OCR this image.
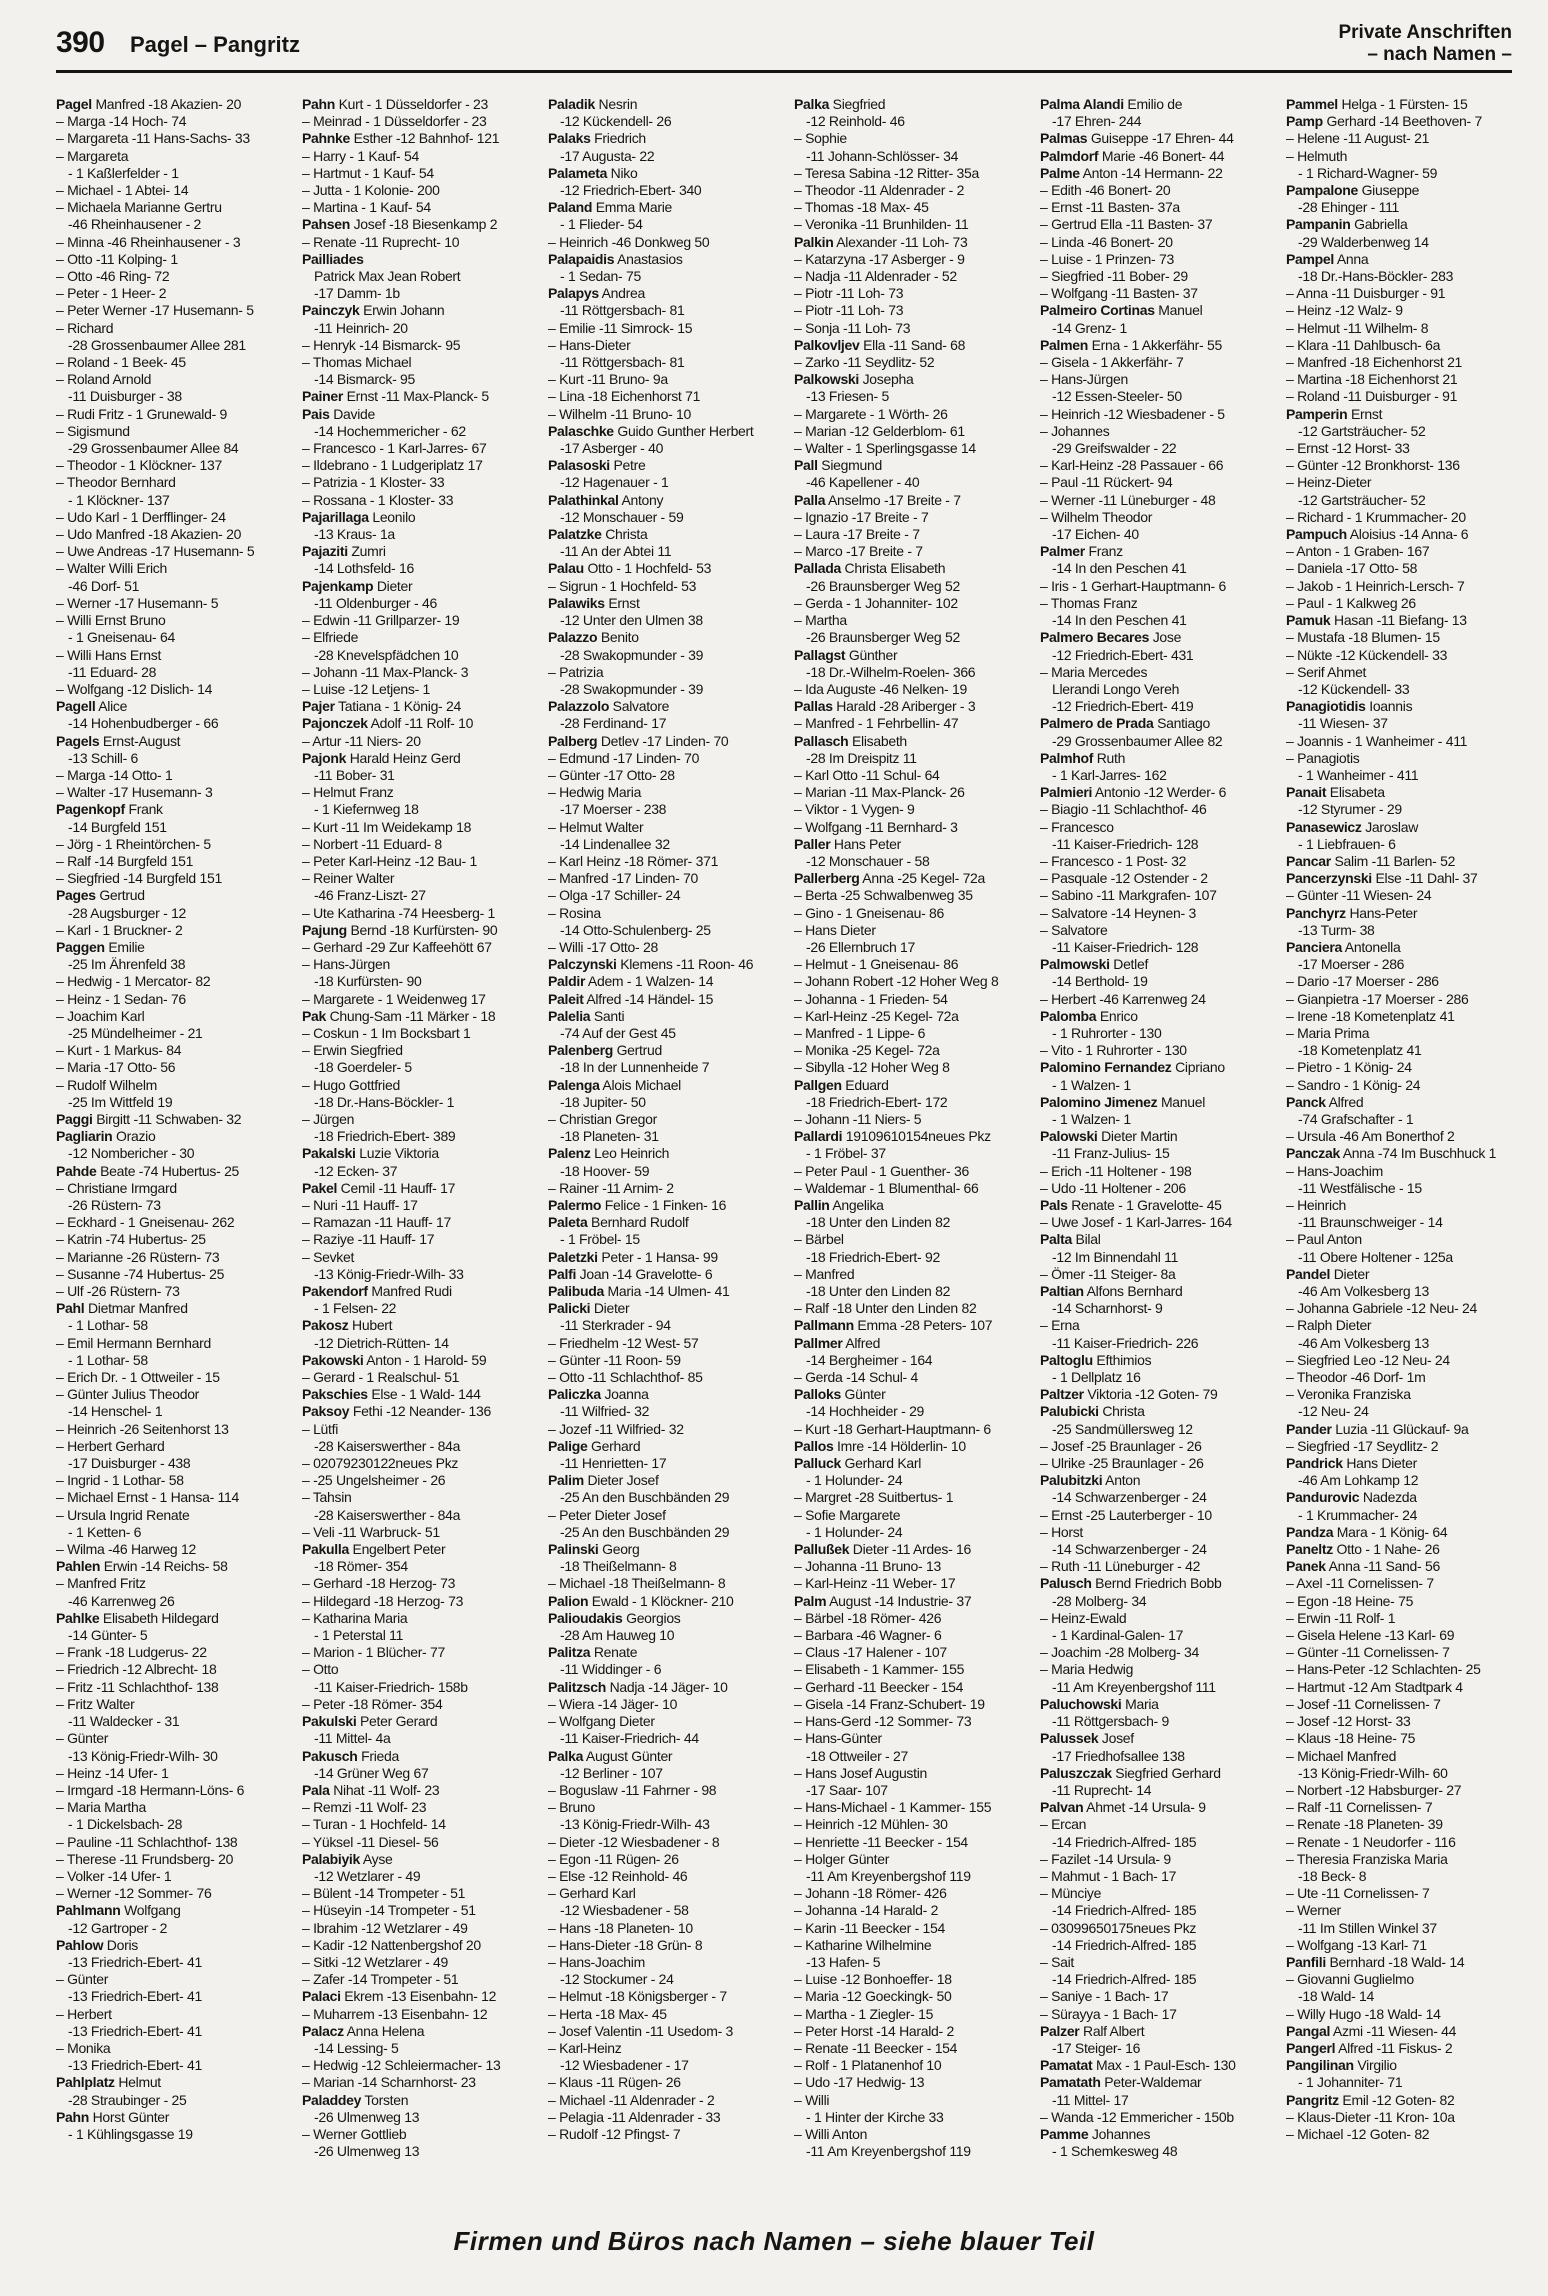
390 Pagel – Pangritz	Private Anschriften
– nach Namen –
Pagel Manfred -18 Akazien- 20
– Marga -14 Hoch- 74
– Margareta -11 Hans-Sachs- 33
– Margareta
- 1 Kaßlerfelder - 1
– Michael - 1 Abtei- 14
– Michaela Marianne Gertru
-46 Rheinhausener - 2
– Minna -46 Rheinhausener - 3
– Otto -11 Kolping- 1
– Otto -46 Ring- 72
– Peter - 1 Heer- 2
– Peter Werner -17 Husemann- 5
– Richard
-28 Grossenbaumer Allee 281
– Roland - 1 Beek- 45
– Roland Arnold
-11 Duisburger - 38
– Rudi Fritz - 1 Grunewald- 9
– Sigismund
-29 Grossenbaumer Allee 84
– Theodor - 1 Klöckner- 137
– Theodor Bernhard
- 1 Klöckner- 137
– Udo Karl - 1 Derfflinger- 24
– Udo Manfred -18 Akazien- 20
– Uwe Andreas -17 Husemann- 5
– Walter Willi Erich
-46 Dorf- 51
– Werner -17 Husemann- 5
– Willi Ernst Bruno
- 1 Gneisenau- 64
– Willi Hans Ernst
-11 Eduard- 28
– Wolfgang -12 Dislich- 14
Pagell Alice
-14 Hohenbudberger - 66
Pagels Ernst-August
-13 Schill- 6
– Marga -14 Otto- 1
– Walter -17 Husemann- 3
Pagenkopf Frank
-14 Burgfeld 151
– Jörg - 1 Rheintörchen- 5
– Ralf -14 Burgfeld 151
– Siegfried -14 Burgfeld 151
Pages Gertrud
-28 Augsburger - 12
– Karl - 1 Bruckner- 2
Paggen Emilie
-25 Im Ährenfeld 38
– Hedwig - 1 Mercator- 82
– Heinz - 1 Sedan- 76
– Joachim Karl
-25 Mündelheimer - 21
– Kurt - 1 Markus- 84
– Maria -17 Otto- 56
– Rudolf Wilhelm
-25 Im Wittfeld 19
Paggi Birgitt -11 Schwaben- 32
Pagliarin Orazio
-12 Nombericher - 30
Pahde Beate -74 Hubertus- 25
– Christiane Irmgard
-26 Rüstern- 73
– Eckhard - 1 Gneisenau- 262
– Katrin -74 Hubertus- 25
– Marianne -26 Rüstern- 73
– Susanne -74 Hubertus- 25
– Ulf -26 Rüstern- 73
Pahl Dietmar Manfred
- 1 Lothar- 58
– Emil Hermann Bernhard
- 1 Lothar- 58
– Erich Dr. - 1 Ottweiler - 15
– Günter Julius Theodor
-14 Henschel- 1
– Heinrich -26 Seitenhorst 13
– Herbert Gerhard
-17 Duisburger - 438
– Ingrid - 1 Lothar- 58
– Michael Ernst - 1 Hansa- 114
– Ursula Ingrid Renate
- 1 Ketten- 6
– Wilma -46 Harweg 12
Pahlen Erwin -14 Reichs- 58
– Manfred Fritz
-46 Karrenweg 26
Pahlke Elisabeth Hildegard
-14 Günter- 5
– Frank -18 Ludgerus- 22
– Friedrich -12 Albrecht- 18
– Fritz -11 Schlachthof- 138
– Fritz Walter
-11 Waldecker - 31
– Günter
-13 König-Friedr-Wilh- 30
– Heinz -14 Ufer- 1
– Irmgard -18 Hermann-Löns- 6
– Maria Martha
- 1 Dickelsbach- 28
– Pauline -11 Schlachthof- 138
– Therese -11 Frundsberg- 20
– Volker -14 Ufer- 1
– Werner -12 Sommer- 76
Pahlmann Wolfgang
-12 Gartroper - 2
Pahlow Doris
-13 Friedrich-Ebert- 41
– Günter
-13 Friedrich-Ebert- 41
– Herbert
-13 Friedrich-Ebert- 41
– Monika
-13 Friedrich-Ebert- 41
Pahlplatz Helmut
-28 Straubinger - 25
Pahn Horst Günter
- 1 Kühlingsgasse 19
Pahn Kurt - 1 Düsseldorfer - 23
– Meinrad - 1 Düsseldorfer - 23
Pahnke Esther -12 Bahnhof- 121
– Harry - 1 Kauf- 54
– Hartmut - 1 Kauf- 54
– Jutta - 1 Kolonie- 200
– Martina - 1 Kauf- 54
Pahsen Josef -18 Biesenkamp 2
– Renate -11 Ruprecht- 10
Pailliades
Patrick Max Jean Robert
-17 Damm- 1b
Painczyk Erwin Johann
-11 Heinrich- 20
– Henryk -14 Bismarck- 95
– Thomas Michael
-14 Bismarck- 95
Painer Ernst -11 Max-Planck- 5
Pais Davide
-14 Hochemmericher - 62
– Francesco - 1 Karl-Jarres- 67
– Ildebrano - 1 Ludgeriplatz 17
– Patrizia - 1 Kloster- 33
– Rossana - 1 Kloster- 33
Pajarillaga Leonilo
-13 Kraus- 1a
Pajaziti Zumri
-14 Lothsfeld- 16
Pajenkamp Dieter
-11 Oldenburger - 46
– Edwin -11 Grillparzer- 19
– Elfriede
-28 Knevelspfädchen 10
– Johann -11 Max-Planck- 3
– Luise -12 Letjens- 1
Pajer Tatiana - 1 König- 24
Pajonczek Adolf -11 Rolf- 10
– Artur -11 Niers- 20
Pajonk Harald Heinz Gerd
-11 Bober- 31
– Helmut Franz
- 1 Kiefernweg 18
– Kurt -11 Im Weidekamp 18
– Norbert -11 Eduard- 8
– Peter Karl-Heinz -12 Bau- 1
– Reiner Walter
-46 Franz-Liszt- 27
– Ute Katharina -74 Heesberg- 1
Pajung Bernd -18 Kurfürsten- 90
– Gerhard -29 Zur Kaffeehött 67
– Hans-Jürgen
-18 Kurfürsten- 90
– Margarete - 1 Weidenweg 17
Pak Chung-Sam -11 Märker - 18
– Coskun - 1 Im Bocksbart 1
– Erwin Siegfried
-18 Goerdeler- 5
– Hugo Gottfried
-18 Dr.-Hans-Böckler- 1
– Jürgen
-18 Friedrich-Ebert- 389
Pakalski Luzie Viktoria
-12 Ecken- 37
Pakel Cemil -11 Hauff- 17
– Nuri -11 Hauff- 17
– Ramazan -11 Hauff- 17
– Raziye -11 Hauff- 17
– Sevket
-13 König-Friedr-Wilh- 33
Pakendorf Manfred Rudi
- 1 Felsen- 22
Pakosz Hubert
-12 Dietrich-Rütten- 14
Pakowski Anton - 1 Harold- 59
– Gerard - 1 Realschul- 51
Pakschies Else - 1 Wald- 144
Paksoy Fethi -12 Neander- 136
– Lütfi
-28 Kaiserswerther - 84a
– 02079230122neues Pkz
– -25 Ungelsheimer - 26
– Tahsin
-28 Kaiserswerther - 84a
– Veli -11 Warbruck- 51
Pakulla Engelbert Peter
-18 Römer- 354
– Gerhard -18 Herzog- 73
– Hildegard -18 Herzog- 73
– Katharina Maria
- 1 Peterstal 11
– Marion - 1 Blücher- 77
– Otto
-11 Kaiser-Friedrich- 158b
– Peter -18 Römer- 354
Pakulski Peter Gerard
-11 Mittel- 4a
Pakusch Frieda
-14 Grüner Weg 67
Pala Nihat -11 Wolf- 23
– Remzi -11 Wolf- 23
– Turan - 1 Hochfeld- 14
– Yüksel -11 Diesel- 56
Palabiyik Ayse
-12 Wetzlarer - 49
– Bülent -14 Trompeter - 51
– Hüseyin -14 Trompeter - 51
– Ibrahim -12 Wetzlarer - 49
– Kadir -12 Nattenbergshof 20
– Sitki -12 Wetzlarer - 49
– Zafer -14 Trompeter - 51
Palaci Ekrem -13 Eisenbahn- 12
– Muharrem -13 Eisenbahn- 12
Palacz Anna Helena
-14 Lessing- 5
– Hedwig -12 Schleiermacher- 13
– Marian -14 Scharnhorst- 23
Paladdey Torsten
-26 Ulmenweg 13
– Werner Gottlieb
-26 Ulmenweg 13
Paladik Nesrin
-12 Kückendell- 26
Palaks Friedrich
-17 Augusta- 22
Palameta Niko
-12 Friedrich-Ebert- 340
Paland Emma Marie
- 1 Flieder- 54
– Heinrich -46 Donkweg 50
Palapaidis Anastasios
- 1 Sedan- 75
Palapys Andrea
-11 Röttgersbach- 81
– Emilie -11 Simrock- 15
– Hans-Dieter
-11 Röttgersbach- 81
– Kurt -11 Bruno- 9a
– Lina -18 Eichenhorst 71
– Wilhelm -11 Bruno- 10
Palaschke Guido Gunther Herbert
-17 Asberger - 40
Palasoski Petre
-12 Hagenauer - 1
Palathinkal Antony
-12 Monschauer - 59
Palatzke Christa
-11 An der Abtei 11
Palau Otto - 1 Hochfeld- 53
– Sigrun - 1 Hochfeld- 53
Palawiks Ernst
-12 Unter den Ulmen 38
Palazzo Benito
-28 Swakopmunder - 39
– Patrizia
-28 Swakopmunder - 39
Palazzolo Salvatore
-28 Ferdinand- 17
Palberg Detlev -17 Linden- 70
– Edmund -17 Linden- 70
– Günter -17 Otto- 28
– Hedwig Maria
-17 Moerser - 238
– Helmut Walter
-14 Lindenallee 32
– Karl Heinz -18 Römer- 371
– Manfred -17 Linden- 70
– Olga -17 Schiller- 24
– Rosina
-14 Otto-Schulenberg- 25
– Willi -17 Otto- 28
Palczynski Klemens -11 Roon- 46
Paldir Adem - 1 Walzen- 14
Paleit Alfred -14 Händel- 15
Palelia Santi
-74 Auf der Gest 45
Palenberg Gertrud
-18 In der Lunnenheide 7
Palenga Alois Michael
-18 Jupiter- 50
– Christian Gregor
-18 Planeten- 31
Palenz Leo Heinrich
-18 Hoover- 59
– Rainer -11 Arnim- 2
Palermo Felice - 1 Finken- 16
Paleta Bernhard Rudolf
- 1 Fröbel- 15
Paletzki Peter - 1 Hansa- 99
Palfi Joan -14 Gravelotte- 6
Palibuda Maria -14 Ulmen- 41
Palicki Dieter
-11 Sterkrader - 94
– Friedhelm -12 West- 57
– Günter -11 Roon- 59
– Otto -11 Schlachthof- 85
Paliczka Joanna
-11 Wilfried- 32
– Jozef -11 Wilfried- 32
Palige Gerhard
-11 Henrietten- 17
Palim Dieter Josef
-25 An den Buschbänden 29
– Peter Dieter Josef
-25 An den Buschbänden 29
Palinski Georg
-18 Theißelmann- 8
– Michael -18 Theißelmann- 8
Palion Ewald - 1 Klöckner- 210
Palioudakis Georgios
-28 Am Hauweg 10
Palitza Renate
-11 Widdinger - 6
Palitzsch Nadja -14 Jäger- 10
– Wiera -14 Jäger- 10
– Wolfgang Dieter
-11 Kaiser-Friedrich- 44
Palka August Günter
-12 Berliner - 107
– Boguslaw -11 Fahrner - 98
– Bruno
-13 König-Friedr-Wilh- 43
– Dieter -12 Wiesbadener - 8
– Egon -11 Rügen- 26
– Else -12 Reinhold- 46
– Gerhard Karl
-12 Wiesbadener - 58
– Hans -18 Planeten- 10
– Hans-Dieter -18 Grün- 8
– Hans-Joachim
-12 Stockumer - 24
– Helmut -18 Königsberger - 7
– Herta -18 Max- 45
– Josef Valentin -11 Usedom- 3
– Karl-Heinz
-12 Wiesbadener - 17
– Klaus -11 Rügen- 26
– Michael -11 Aldenrader - 2
– Pelagia -11 Aldenrader - 33
– Rudolf -12 Pfingst- 7
Palka Siegfried
-12 Reinhold- 46
– Sophie
-11 Johann-Schlösser- 34
– Teresa Sabina -12 Ritter- 35a
– Theodor -11 Aldenrader - 2
– Thomas -18 Max- 45
– Veronika -11 Brunhilden- 11
Palkin Alexander -11 Loh- 73
– Katarzyna -17 Asberger - 9
– Nadja -11 Aldenrader - 52
– Piotr -11 Loh- 73
– Piotr -11 Loh- 73
– Sonja -11 Loh- 73
Palkovljev Ella -11 Sand- 68
– Zarko -11 Seydlitz- 52
Palkowski Josepha
-13 Friesen- 5
– Margarete - 1 Wörth- 26
– Marian -12 Gelderblom- 61
– Walter - 1 Sperlingsgasse 14
Pall Siegmund
-46 Kapellener - 40
Palla Anselmo -17 Breite - 7
– Ignazio -17 Breite - 7
– Laura -17 Breite - 7
– Marco -17 Breite - 7
Pallada Christa Elisabeth
-26 Braunsberger Weg 52
– Gerda - 1 Johanniter- 102
– Martha
-26 Braunsberger Weg 52
Pallagst Günther
-18 Dr.-Wilhelm-Roelen- 366
– Ida Auguste -46 Nelken- 19
Pallas Harald -28 Ariberger - 3
– Manfred - 1 Fehrbellin- 47
Pallasch Elisabeth
-28 Im Dreispitz 11
– Karl Otto -11 Schul- 64
– Marian -11 Max-Planck- 26
– Viktor - 1 Vygen- 9
– Wolfgang -11 Bernhard- 3
Paller Hans Peter
-12 Monschauer - 58
Pallerberg Anna -25 Kegel- 72a
– Berta -25 Schwalbenweg 35
– Gino - 1 Gneisenau- 86
– Hans Dieter
-26 Ellernbruch 17
– Helmut - 1 Gneisenau- 86
– Johann Robert -12 Hoher Weg 8
– Johanna - 1 Frieden- 54
– Karl-Heinz -25 Kegel- 72a
– Manfred - 1 Lippe- 6
– Monika -25 Kegel- 72a
– Sibylla -12 Hoher Weg 8
Pallgen Eduard
-18 Friedrich-Ebert- 172
– Johann -11 Niers- 5
Pallardi 19109610154neues Pkz
- 1 Fröbel- 37
– Peter Paul - 1 Guenther- 36
– Waldemar - 1 Blumenthal- 66
Pallin Angelika
-18 Unter den Linden 82
– Bärbel
-18 Friedrich-Ebert- 92
– Manfred
-18 Unter den Linden 82
– Ralf -18 Unter den Linden 82
Pallmann Emma -28 Peters- 107
Pallmer Alfred
-14 Bergheimer - 164
– Gerda -14 Schul- 4
Palloks Günter
-14 Hochheider - 29
– Kurt -18 Gerhart-Hauptmann- 6
Pallos Imre -14 Hölderlin- 10
Palluck Gerhard Karl
- 1 Holunder- 24
– Margret -28 Suitbertus- 1
– Sofie Margarete
- 1 Holunder- 24
Pallußek Dieter -11 Ardes- 16
– Johanna -11 Bruno- 13
– Karl-Heinz -11 Weber- 17
Palm August -14 Industrie- 37
– Bärbel -18 Römer- 426
– Barbara -46 Wagner- 6
– Claus -17 Halener - 107
– Elisabeth - 1 Kammer- 155
– Gerhard -11 Beecker - 154
– Gisela -14 Franz-Schubert- 19
– Hans-Gerd -12 Sommer- 73
– Hans-Günter
-18 Ottweiler - 27
– Hans Josef Augustin
-17 Saar- 107
– Hans-Michael - 1 Kammer- 155
– Heinrich -12 Mühlen- 30
– Henriette -11 Beecker - 154
– Holger Günter
-11 Am Kreyenbergshof 119
– Johann -18 Römer- 426
– Johanna -14 Harald- 2
– Karin -11 Beecker - 154
– Katharine Wilhelmine
-13 Hafen- 5
– Luise -12 Bonhoeffer- 18
– Maria -12 Goeckingk- 50
– Martha - 1 Ziegler- 15
– Peter Horst -14 Harald- 2
– Renate -11 Beecker - 154
– Rolf - 1 Platanenhof 10
– Udo -17 Hedwig- 13
– Willi
- 1 Hinter der Kirche 33
– Willi Anton
-11 Am Kreyenbergshof 119
Palma Alandi Emilio de
-17 Ehren- 244
Palmas Guiseppe -17 Ehren- 44
Palmdorf Marie -46 Bonert- 44
Palme Anton -14 Hermann- 22
– Edith -46 Bonert- 20
– Ernst -11 Basten- 37a
– Gertrud Ella -11 Basten- 37
– Linda -46 Bonert- 20
– Luise - 1 Prinzen- 73
– Siegfried -11 Bober- 29
– Wolfgang -11 Basten- 37
Palmeiro Cortinas Manuel
-14 Grenz- 1
Palmen Erna - 1 Akkerfähr- 55
– Gisela - 1 Akkerfähr- 7
– Hans-Jürgen
-12 Essen-Steeler- 50
– Heinrich -12 Wiesbadener - 5
– Johannes
-29 Greifswalder - 22
– Karl-Heinz -28 Passauer - 66
– Paul -11 Rückert- 94
– Werner -11 Lüneburger - 48
– Wilhelm Theodor
-17 Eichen- 40
Palmer Franz
-14 In den Peschen 41
– Iris - 1 Gerhart-Hauptmann- 6
– Thomas Franz
-14 In den Peschen 41
Palmero Becares Jose
-12 Friedrich-Ebert- 431
– Maria Mercedes
Llerandi Longo Vereh
-12 Friedrich-Ebert- 419
Palmero de Prada Santiago
-29 Grossenbaumer Allee 82
Palmhof Ruth
- 1 Karl-Jarres- 162
Palmieri Antonio -12 Werder- 6
– Biagio -11 Schlachthof- 46
– Francesco
-11 Kaiser-Friedrich- 128
– Francesco - 1 Post- 32
– Pasquale -12 Ostender - 2
– Sabino -11 Markgrafen- 107
– Salvatore -14 Heynen- 3
– Salvatore
-11 Kaiser-Friedrich- 128
Palmowski Detlef
-14 Berthold- 19
– Herbert -46 Karrenweg 24
Palomba Enrico
- 1 Ruhrorter - 130
– Vito - 1 Ruhrorter - 130
Palomino Fernandez Cipriano
- 1 Walzen- 1
Palomino Jimenez Manuel
- 1 Walzen- 1
Palowski Dieter Martin
-11 Franz-Julius- 15
– Erich -11 Holtener - 198
– Udo -11 Holtener - 206
Pals Renate - 1 Gravelotte- 45
– Uwe Josef - 1 Karl-Jarres- 164
Palta Bilal
-12 Im Binnendahl 11
– Ömer -11 Steiger- 8a
Paltian Alfons Bernhard
-14 Scharnhorst- 9
– Erna
-11 Kaiser-Friedrich- 226
Paltoglu Efthimios
- 1 Dellplatz 16
Paltzer Viktoria -12 Goten- 79
Palubicki Christa
-25 Sandmüllersweg 12
– Josef -25 Braunlager - 26
– Ulrike -25 Braunlager - 26
Palubitzki Anton
-14 Schwarzenberger - 24
– Ernst -25 Lauterberger - 10
– Horst
-14 Schwarzenberger - 24
– Ruth -11 Lüneburger - 42
Palusch Bernd Friedrich Bobb
-28 Molberg- 34
– Heinz-Ewald
- 1 Kardinal-Galen- 17
– Joachim -28 Molberg- 34
– Maria Hedwig
-11 Am Kreyenbergshof 111
Paluchowski Maria
-11 Röttgersbach- 9
Palussek Josef
-17 Friedhofsallee 138
Paluszczak Siegfried Gerhard
-11 Ruprecht- 14
Palvan Ahmet -14 Ursula- 9
– Ercan
-14 Friedrich-Alfred- 185
– Fazilet -14 Ursula- 9
– Mahmut - 1 Bach- 17
– Münciye
-14 Friedrich-Alfred- 185
– 03099650175neues Pkz
-14 Friedrich-Alfred- 185
– Sait
-14 Friedrich-Alfred- 185
– Saniye - 1 Bach- 17
– Sürayya - 1 Bach- 17
Palzer Ralf Albert
-17 Steiger- 16
Pamatat Max - 1 Paul-Esch- 130
Pamatath Peter-Waldemar
-11 Mittel- 17
– Wanda -12 Emmericher - 150b
Pamme Johannes
- 1 Schemkesweg 48
Pammel Helga - 1 Fürsten- 15
Pamp Gerhard -14 Beethoven- 7
– Helene -11 August- 21
– Helmuth
- 1 Richard-Wagner- 59
Pampalone Giuseppe
-28 Ehinger - 111
Pampanin Gabriella
-29 Walderbenweg 14
Pampel Anna
-18 Dr.-Hans-Böckler- 283
– Anna -11 Duisburger - 91
– Heinz -12 Walz- 9
– Helmut -11 Wilhelm- 8
– Klara -11 Dahlbusch- 6a
– Manfred -18 Eichenhorst 21
– Martina -18 Eichenhorst 21
– Roland -11 Duisburger - 91
Pamperin Ernst
-12 Gartsträucher- 52
– Ernst -12 Horst- 33
– Günter -12 Bronkhorst- 136
– Heinz-Dieter
-12 Gartsträucher- 52
– Richard - 1 Krummacher- 20
Pampuch Aloisius -14 Anna- 6
– Anton - 1 Graben- 167
– Daniela -17 Otto- 58
– Jakob - 1 Heinrich-Lersch- 7
– Paul - 1 Kalkweg 26
Pamuk Hasan -11 Biefang- 13
– Mustafa -18 Blumen- 15
– Nükte -12 Kückendell- 33
– Serif Ahmet
-12 Kückendell- 33
Panagiotidis Ioannis
-11 Wiesen- 37
– Joannis - 1 Wanheimer - 411
– Panagiotis
- 1 Wanheimer - 411
Panait Elisabeta
-12 Styrumer - 29
Panasewicz Jaroslaw
- 1 Liebfrauen- 6
Pancar Salim -11 Barlen- 52
Pancerzynski Else -11 Dahl- 37
– Günter -11 Wiesen- 24
Panchyrz Hans-Peter
-13 Turm- 38
Panciera Antonella
-17 Moerser - 286
– Dario -17 Moerser - 286
– Gianpietra -17 Moerser - 286
– Irene -18 Kometenplatz 41
– Maria Prima
-18 Kometenplatz 41
– Pietro - 1 König- 24
– Sandro - 1 König- 24
Panck Alfred
-74 Grafschafter - 1
– Ursula -46 Am Bonerthof 2
Panczak Anna -74 Im Buschhuck 1
– Hans-Joachim
-11 Westfälische - 15
– Heinrich
-11 Braunschweiger - 14
– Paul Anton
-11 Obere Holtener - 125a
Pandel Dieter
-46 Am Volkesberg 13
– Johanna Gabriele -12 Neu- 24
– Ralph Dieter
-46 Am Volkesberg 13
– Siegfried Leo -12 Neu- 24
– Theodor -46 Dorf- 1m
– Veronika Franziska
-12 Neu- 24
Pander Luzia -11 Glückauf- 9a
– Siegfried -17 Seydlitz- 2
Pandrick Hans Dieter
-46 Am Lohkamp 12
Pandurovic Nadezda
- 1 Krummacher- 24
Pandza Mara - 1 König- 64
Paneltz Otto - 1 Nahe- 26
Panek Anna -11 Sand- 56
– Axel -11 Cornelissen- 7
– Egon -18 Heine- 75
– Erwin -11 Rolf- 1
– Gisela Helene -13 Karl- 69
– Günter -11 Cornelissen- 7
– Hans-Peter -12 Schlachten- 25
– Hartmut -12 Am Stadtpark 4
– Josef -11 Cornelissen- 7
– Josef -12 Horst- 33
– Klaus -18 Heine- 75
– Michael Manfred
-13 König-Friedr-Wilh- 60
– Norbert -12 Habsburger- 27
– Ralf -11 Cornelissen- 7
– Renate -18 Planeten- 39
– Renate - 1 Neudorfer - 116
– Theresia Franziska Maria
-18 Beck- 8
– Ute -11 Cornelissen- 7
– Werner
-11 Im Stillen Winkel 37
– Wolfgang -13 Karl- 71
Panfili Bernhard -18 Wald- 14
– Giovanni Guglielmo
-18 Wald- 14
– Willy Hugo -18 Wald- 14
Pangal Azmi -11 Wiesen- 44
Pangerl Alfred -11 Fiskus- 2
Pangilinan Virgilio
- 1 Johanniter- 71
Pangritz Emil -12 Goten- 82
– Klaus-Dieter -11 Kron- 10a
– Michael -12 Goten- 82
Firmen und Büros nach Namen – siehe blauer Teil
